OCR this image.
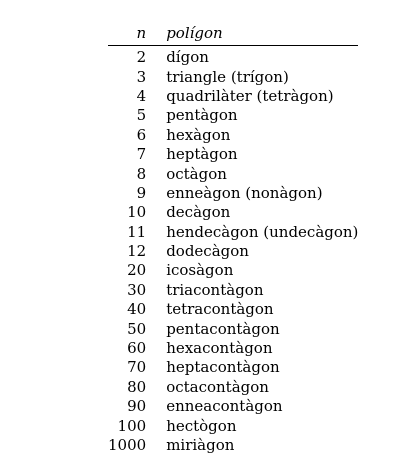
n	polígon
2	dígon
3	triangle (trígon)
4	quadrilàter (tetràgon)
5	pentàgon
6	hexàgon
7	heptàgon
8	octàgon
9	enneàgon (nonàgon)
10	decàgon
11	hendecàgon (undecàgon)
12	dodecàgon
20	icosàgon
30	triacontàgon
40	tetracontàgon
50	pentacontàgon
60	hexacontàgon
70	heptacontàgon
80	octacontàgon
90	enneacontàgon
100	hectògon
1000	miriàgon
